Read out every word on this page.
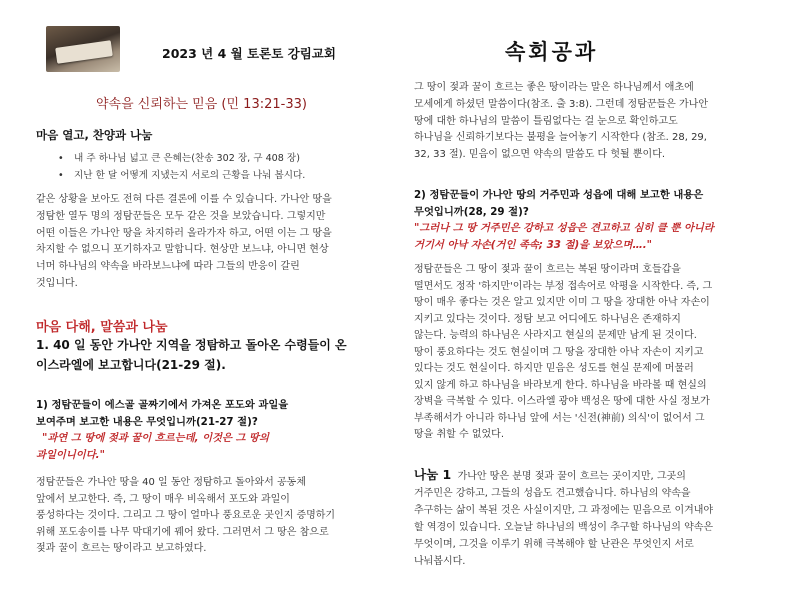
2023 년 4 월 토론토 강림교회	속회공과
약속을 신뢰하는 믿음 (민 13:21-33)
마음 열고, 찬양과 나눔
• 내 주 하나님 넓고 큰 은혜는(찬송 302 장, 구 408 장)
• 지난 한 달 어떻게 지냈는지 서로의 근황을 나눠 봅시다.
같은 상황을 보아도 전혀 다른 결론에 이를 수 있습니다. 가나안 땅을
정탐한 열두 명의 정탐꾼들은 모두 같은 것을 보았습니다. 그렇지만
어떤 이들은 가나안 땅을 차지하러 올라가자 하고, 어떤 이는 그 땅을
차지할 수 없으니 포기하자고 말합니다. 현상만 보느냐, 아니면 현상
너머 하나님의 약속을 바라보느냐에 따라 그들의 반응이 갈린
것입니다.
마음 다해, 말씀과 나눔
1. 40 일 동안 가나안 지역을 정탐하고 돌아온 수령들이 온
이스라엘에 보고합니다(21-29 절).
1) 정탐꾼들이 에스골 골짜기에서 가져온 포도와 과일을
보여주며 보고한 내용은 무엇입니까(21-27 절)?
"과연 그 땅에 젖과 꿀이 흐르는데, 이것은 그 땅의
과일이니이다."
정탐꾼들은 가나안 땅을 40 일 동안 정탐하고 돌아와서 공동체
앞에서 보고한다. 즉, 그 땅이 매우 비옥해서 포도와 과일이
풍성하다는 것이다. 그리고 그 땅이 얼마나 풍요로운 곳인지 증명하기
위해 포도송이를 나무 막대기에 꿰어 왔다. 그러면서 그 땅은 참으로
젖과 꿀이 흐르는 땅이라고 보고하였다.
그 땅이 젖과 꿀이 흐르는 좋은 땅이라는 말은 하나님께서 애초에
모세에게 하셨던 말씀이다(참조. 출 3:8). 그런데 정탐꾼들은 가나안
땅에 대한 하나님의 말씀이 틀림없다는 걸 눈으로 확인하고도
하나님을 신뢰하기보다는 불평을 늘어놓기 시작한다 (참조. 28, 29,
32, 33 절). 믿음이 없으면 약속의 말씀도 다 헛될 뿐이다.
2) 정탐꾼들이 가나안 땅의 거주민과 성읍에 대해 보고한 내용은
무엇입니까(28, 29 절)?
"그러나 그 땅 거주민은 강하고 성읍은 견고하고 심히 클 뿐 아니라
거기서 아낙 자손(거인 족속; 33 절)을 보았으며…."
정탐꾼들은 그 땅이 젖과 꿀이 흐르는 복된 땅이라며 호들갑을
떨면서도 정작 '하지만'이라는 부정 접속어로 악평을 시작한다. 즉, 그
땅이 매우 좋다는 것은 알고 있지만 이미 그 땅을 장대한 아낙 자손이
지키고 있다는 것이다. 정탐 보고 어디에도 하나님은 존재하지
않는다. 능력의 하나님은 사라지고 현실의 문제만 남게 된 것이다.
땅이 풍요하다는 것도 현실이며 그 땅을 장대한 아낙 자손이 지키고
있다는 것도 현실이다. 하지만 믿음은 성도를 현실 문제에 머물러
있지 않게 하고 하나님을 바라보게 한다. 하나님을 바라볼 때 현실의
장벽을 극복할 수 있다. 이스라엘 광야 백성은 땅에 대한 사실 정보가
부족해서가 아니라 하나님 앞에 서는 '신전(神前) 의식'이 없어서 그
땅을 취할 수 없었다.
나눔 1 가나안 땅은 분명 젖과 꿀이 흐르는 곳이지만, 그곳의
거주민은 강하고, 그들의 성읍도 견고했습니다. 하나님의 약속을
추구하는 삶이 복된 것은 사실이지만, 그 과정에는 믿음으로 이겨내야
할 역경이 있습니다. 오늘날 하나님의 백성이 추구할 하나님의 약속은
무엇이며, 그것을 이루기 위해 극복해야 할 난관은 무엇인지 서로
나눠봅시다.
